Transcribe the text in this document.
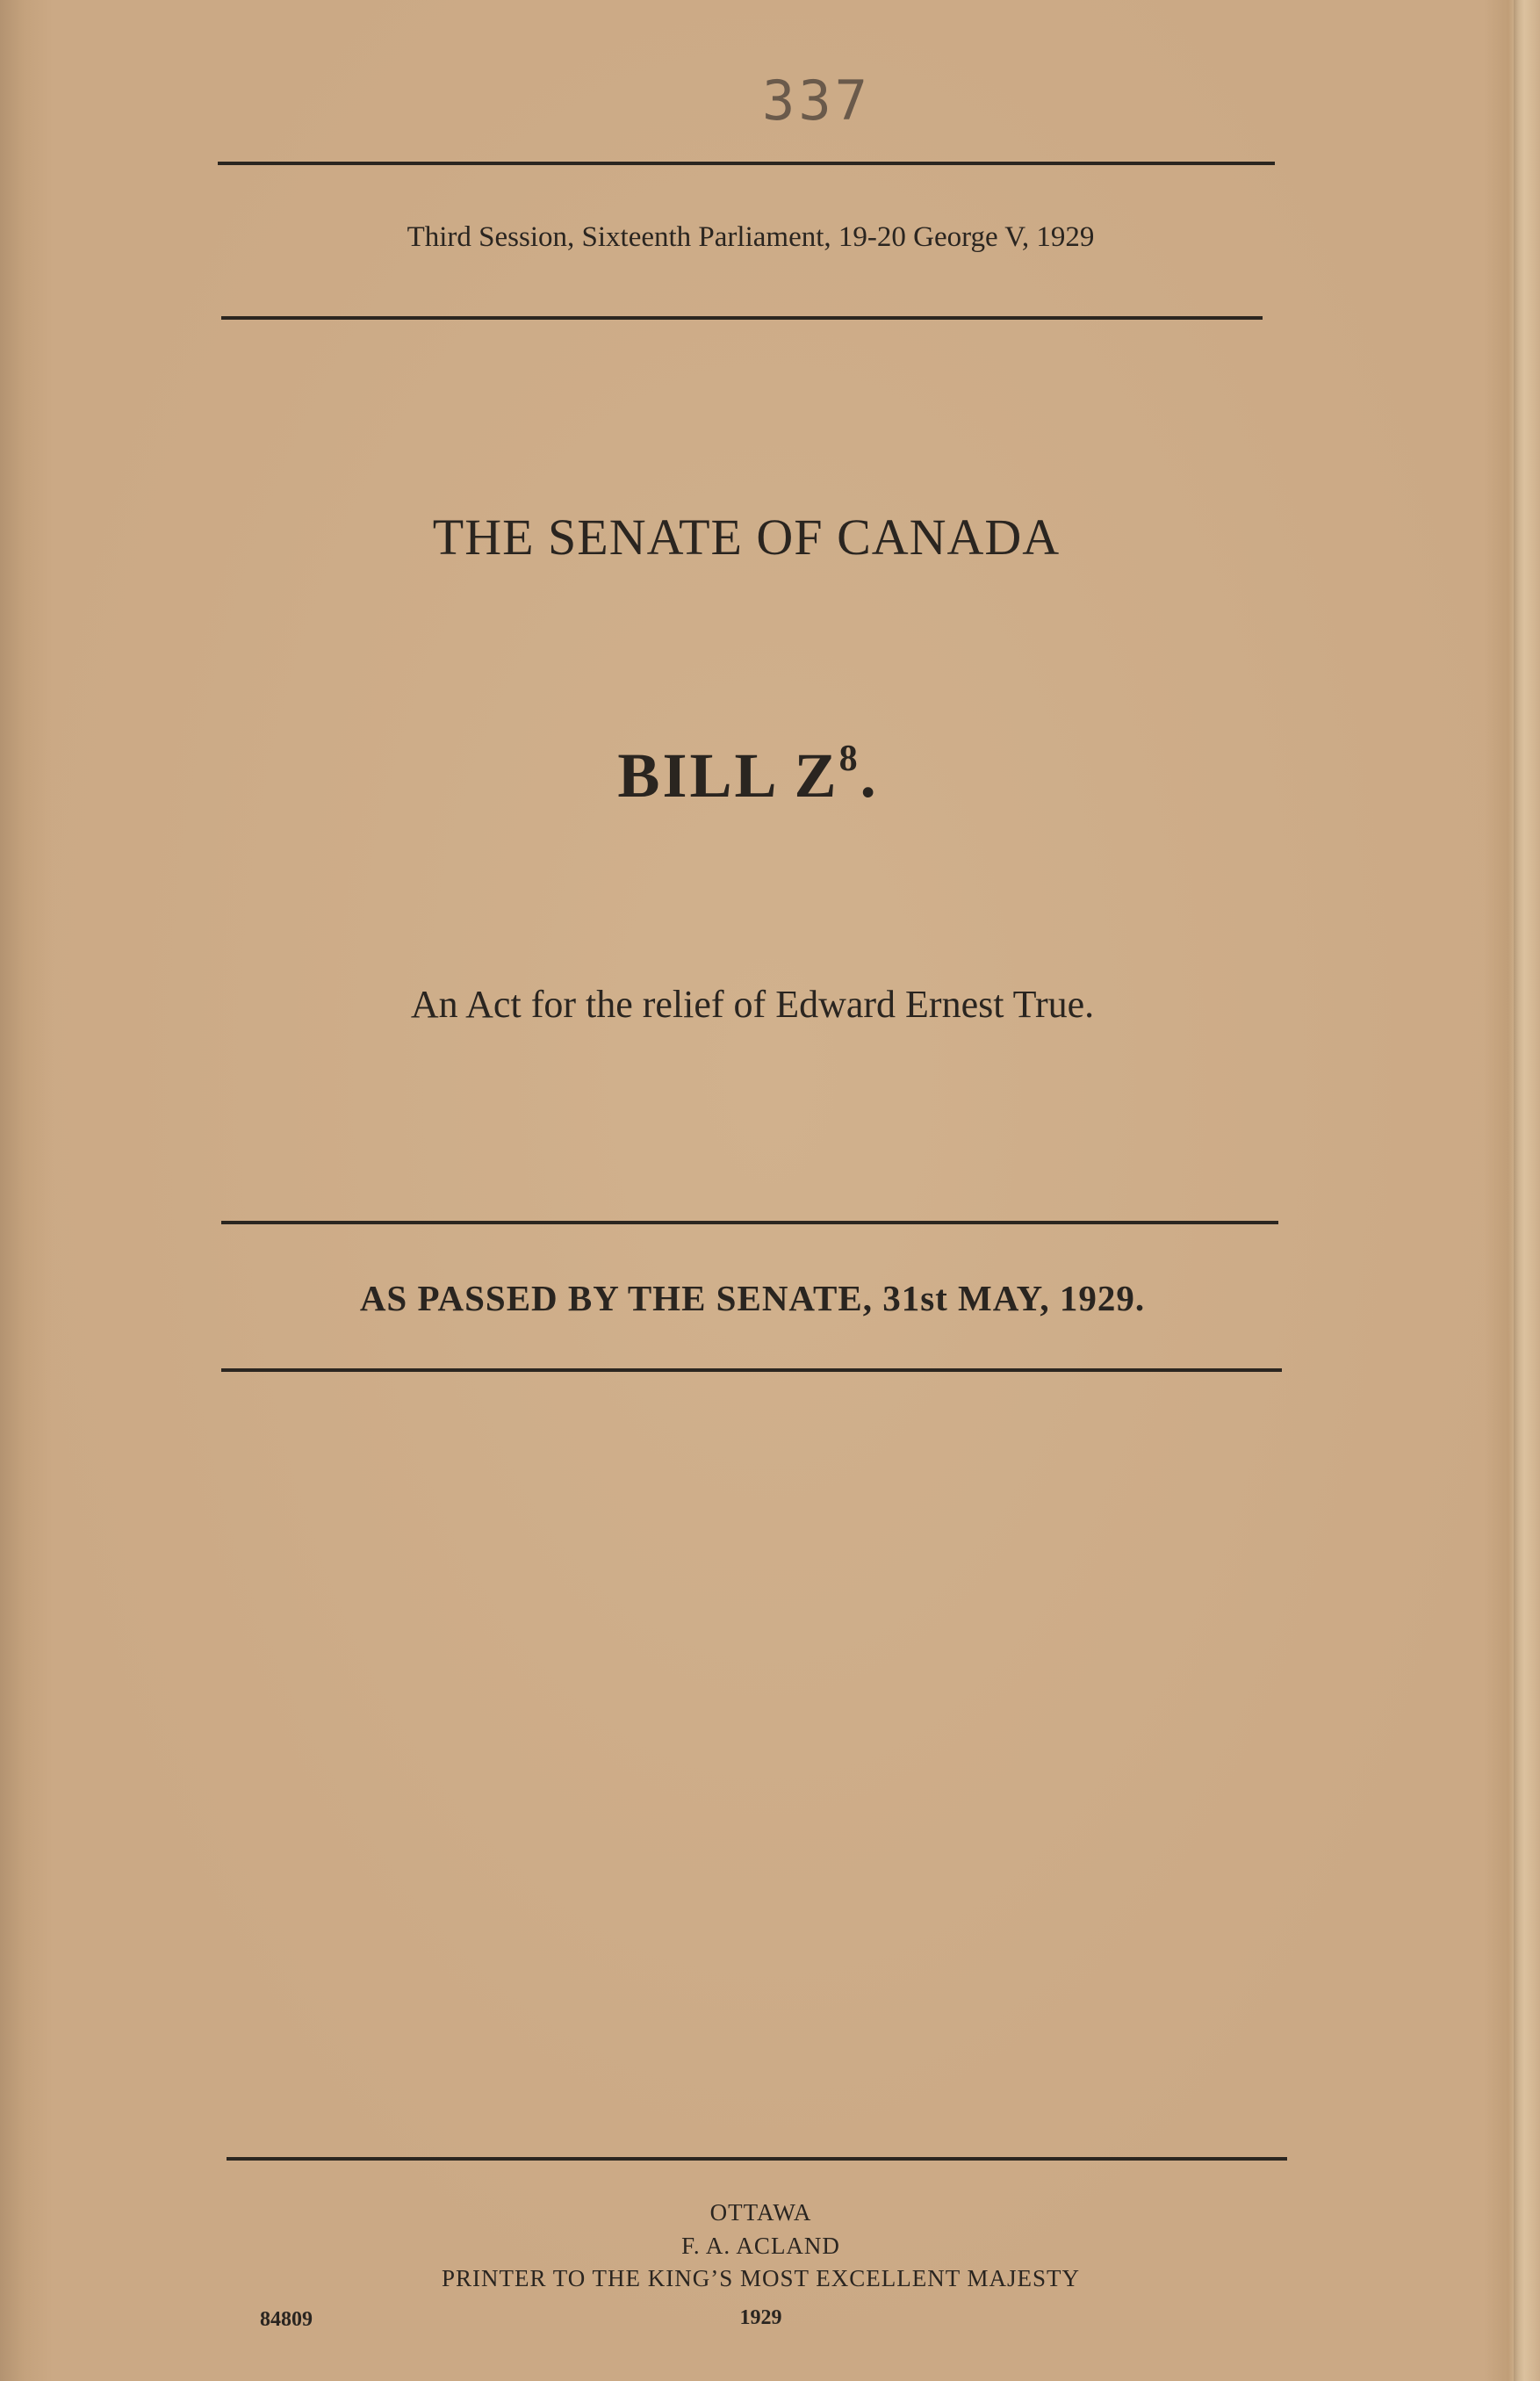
337
Third Session, Sixteenth Parliament, 19-20 George V, 1929
THE SENATE OF CANADA
BILL $Z^8$.
An Act for the relief of Edward Ernest True.
AS PASSED BY THE SENATE, 31st MAY, 1929.
OTTAWA
F. A. ACLAND
PRINTER TO THE KING’S MOST EXCELLENT MAJESTY
1929
84809
